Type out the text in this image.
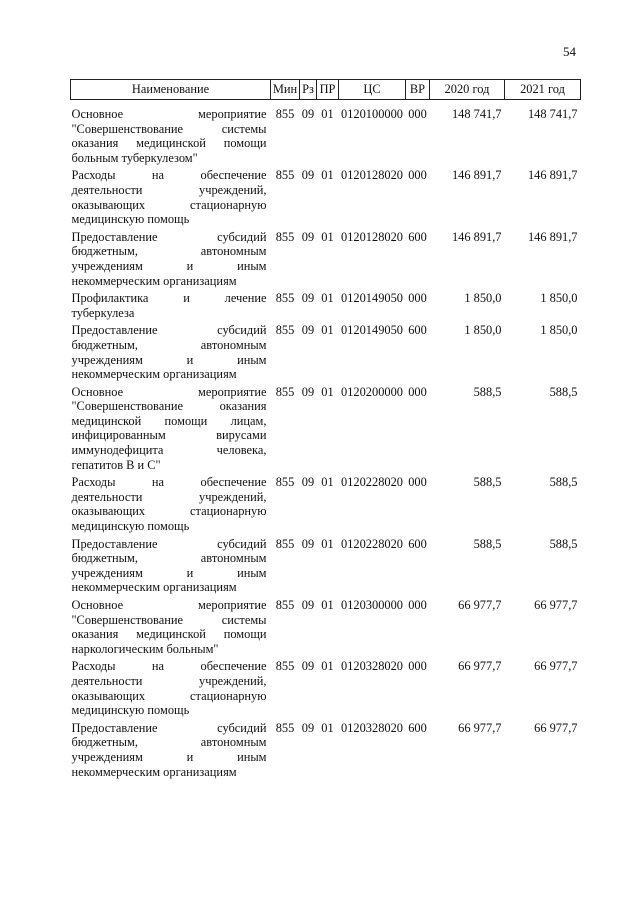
54
Наименование	Мин	Рз	ПР	ЦС	ВР	2020 год	2021 год
Основное мероприятие "Совершенствование системы оказания медицинской помощи больным туберкулезом"	855	09	01	0120100000	000	148 741,7	148 741,7
Расходы на обеспечение деятельности учреждений, оказывающих стационарную медицинскую помощь	855	09	01	0120128020	000	146 891,7	146 891,7
Предоставление субсидий бюджетным, автономным учреждениям и иным некоммерческим организациям	855	09	01	0120128020	600	146 891,7	146 891,7
Профилактика и лечение туберкулеза	855	09	01	0120149050	000	1 850,0	1 850,0
Предоставление субсидий бюджетным, автономным учреждениям и иным некоммерческим организациям	855	09	01	0120149050	600	1 850,0	1 850,0
Основное мероприятие "Совершенствование оказания медицинской помощи лицам, инфицированным вирусами иммунодефицита человека, гепатитов В и С"	855	09	01	0120200000	000	588,5	588,5
Расходы на обеспечение деятельности учреждений, оказывающих стационарную медицинскую помощь	855	09	01	0120228020	000	588,5	588,5
Предоставление субсидий бюджетным, автономным учреждениям и иным некоммерческим организациям	855	09	01	0120228020	600	588,5	588,5
Основное мероприятие "Совершенствование системы оказания медицинской помощи наркологическим больным"	855	09	01	0120300000	000	66 977,7	66 977,7
Расходы на обеспечение деятельности учреждений, оказывающих стационарную медицинскую помощь	855	09	01	0120328020	000	66 977,7	66 977,7
Предоставление субсидий бюджетным, автономным учреждениям и иным некоммерческим организациям	855	09	01	0120328020	600	66 977,7	66 977,7
